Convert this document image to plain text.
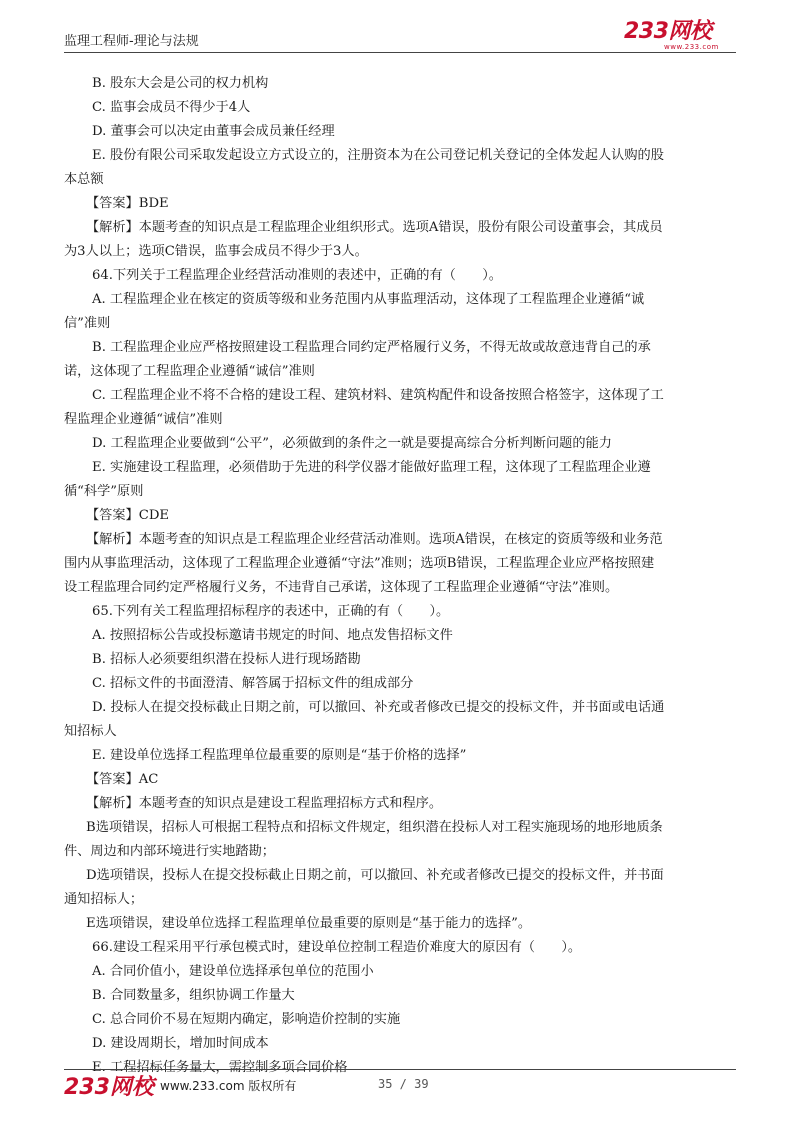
监理工程师-理论与法规	233网校
www.233.com
B. 股东大会是公司的权力机构
C. 监事会成员不得少于4人
D. 董事会可以决定由董事会成员兼任经理
E. 股份有限公司采取发起设立方式设立的，注册资本为在公司登记机关登记的全体发起人认购的股
本总额
【答案】BDE
【解析】本题考查的知识点是工程监理企业组织形式。选项A错误，股份有限公司设董事会，其成员
为3人以上；选项C错误，监事会成员不得少于3人。
64.下列关于工程监理企业经营活动准则的表述中，正确的有（　　）。
A. 工程监理企业在核定的资质等级和业务范围内从事监理活动，这体现了工程监理企业遵循“诚
信”准则
B. 工程监理企业应严格按照建设工程监理合同约定严格履行义务，不得无故或故意违背自己的承
诺，这体现了工程监理企业遵循“诚信”准则
C. 工程监理企业不将不合格的建设工程、建筑材料、建筑构配件和设备按照合格签字，这体现了工
程监理企业遵循“诚信”准则
D. 工程监理企业要做到“公平”，必须做到的条件之一就是要提高综合分析判断问题的能力
E. 实施建设工程监理，必须借助于先进的科学仪器才能做好监理工程，这体现了工程监理企业遵
循“科学”原则
【答案】CDE
【解析】本题考查的知识点是工程监理企业经营活动准则。选项A错误，在核定的资质等级和业务范
围内从事监理活动，这体现了工程监理企业遵循“守法”准则；选项B错误，工程监理企业应严格按照建
设工程监理合同约定严格履行义务，不违背自己承诺，这体现了工程监理企业遵循“守法”准则。
65.下列有关工程监理招标程序的表述中，正确的有（　　）。
A. 按照招标公告或投标邀请书规定的时间、地点发售招标文件
B. 招标人必须要组织潜在投标人进行现场踏勘
C. 招标文件的书面澄清、解答属于招标文件的组成部分
D. 投标人在提交投标截止日期之前，可以撤回、补充或者修改已提交的投标文件，并书面或电话通
知招标人
E. 建设单位选择工程监理单位最重要的原则是“基于价格的选择”
【答案】AC
【解析】本题考查的知识点是建设工程监理招标方式和程序。
B选项错误，招标人可根据工程特点和招标文件规定，组织潜在投标人对工程实施现场的地形地质条
件、周边和内部环境进行实地踏勘；
D选项错误，投标人在提交投标截止日期之前，可以撤回、补充或者修改已提交的投标文件，并书面
通知招标人；
E选项错误，建设单位选择工程监理单位最重要的原则是“基于能力的选择”。
66.建设工程采用平行承包模式时，建设单位控制工程造价难度大的原因有（　　）。
A. 合同价值小，建设单位选择承包单位的范围小
B. 合同数量多，组织协调工作量大
C. 总合同价不易在短期内确定，影响造价控制的实施
D. 建设周期长，增加时间成本
E. 工程招标任务量大，需控制多项合同价格
233网校 www.233.com 版权所有	35 / 39
